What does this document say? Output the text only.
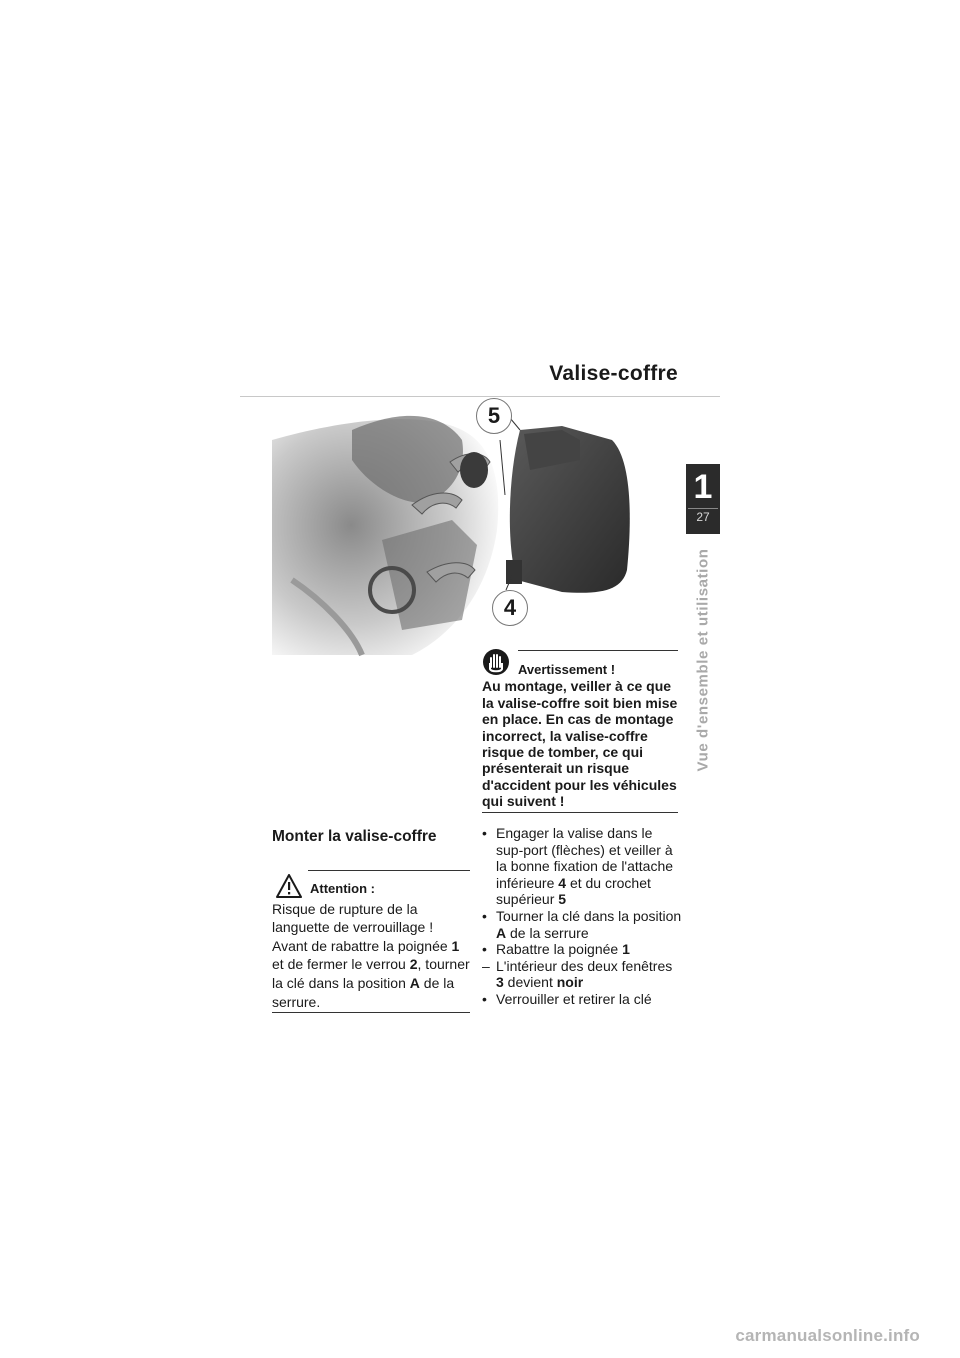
Valise-coffre
5
4
1
27
Vue d'ensemble et utilisation
Avertissement !
Au montage, veiller à ce que la valise-coffre soit bien mise en place. En cas de montage incorrect, la valise-coffre risque de tomber, ce qui présenterait un risque d'accident pour les véhicules qui suivent !
Monter la valise-coffre
Attention :
Risque de rupture de la languette de verrouillage !
Avant de rabattre la poignée 1 et de fermer le verrou 2, tourner la clé dans la position A de la serrure.

• Engager la valise dans le sup-port (flèches) et veiller à la bonne fixation de l'attache inférieure 4 et du crochet supérieur 5

• Tourner la clé dans la position A de la serrure

• Rabattre la poignée 1

– L'intérieur des deux fenêtres 3 devient noir

• Verrouiller et retirer la clé

carmanualsonline.info
